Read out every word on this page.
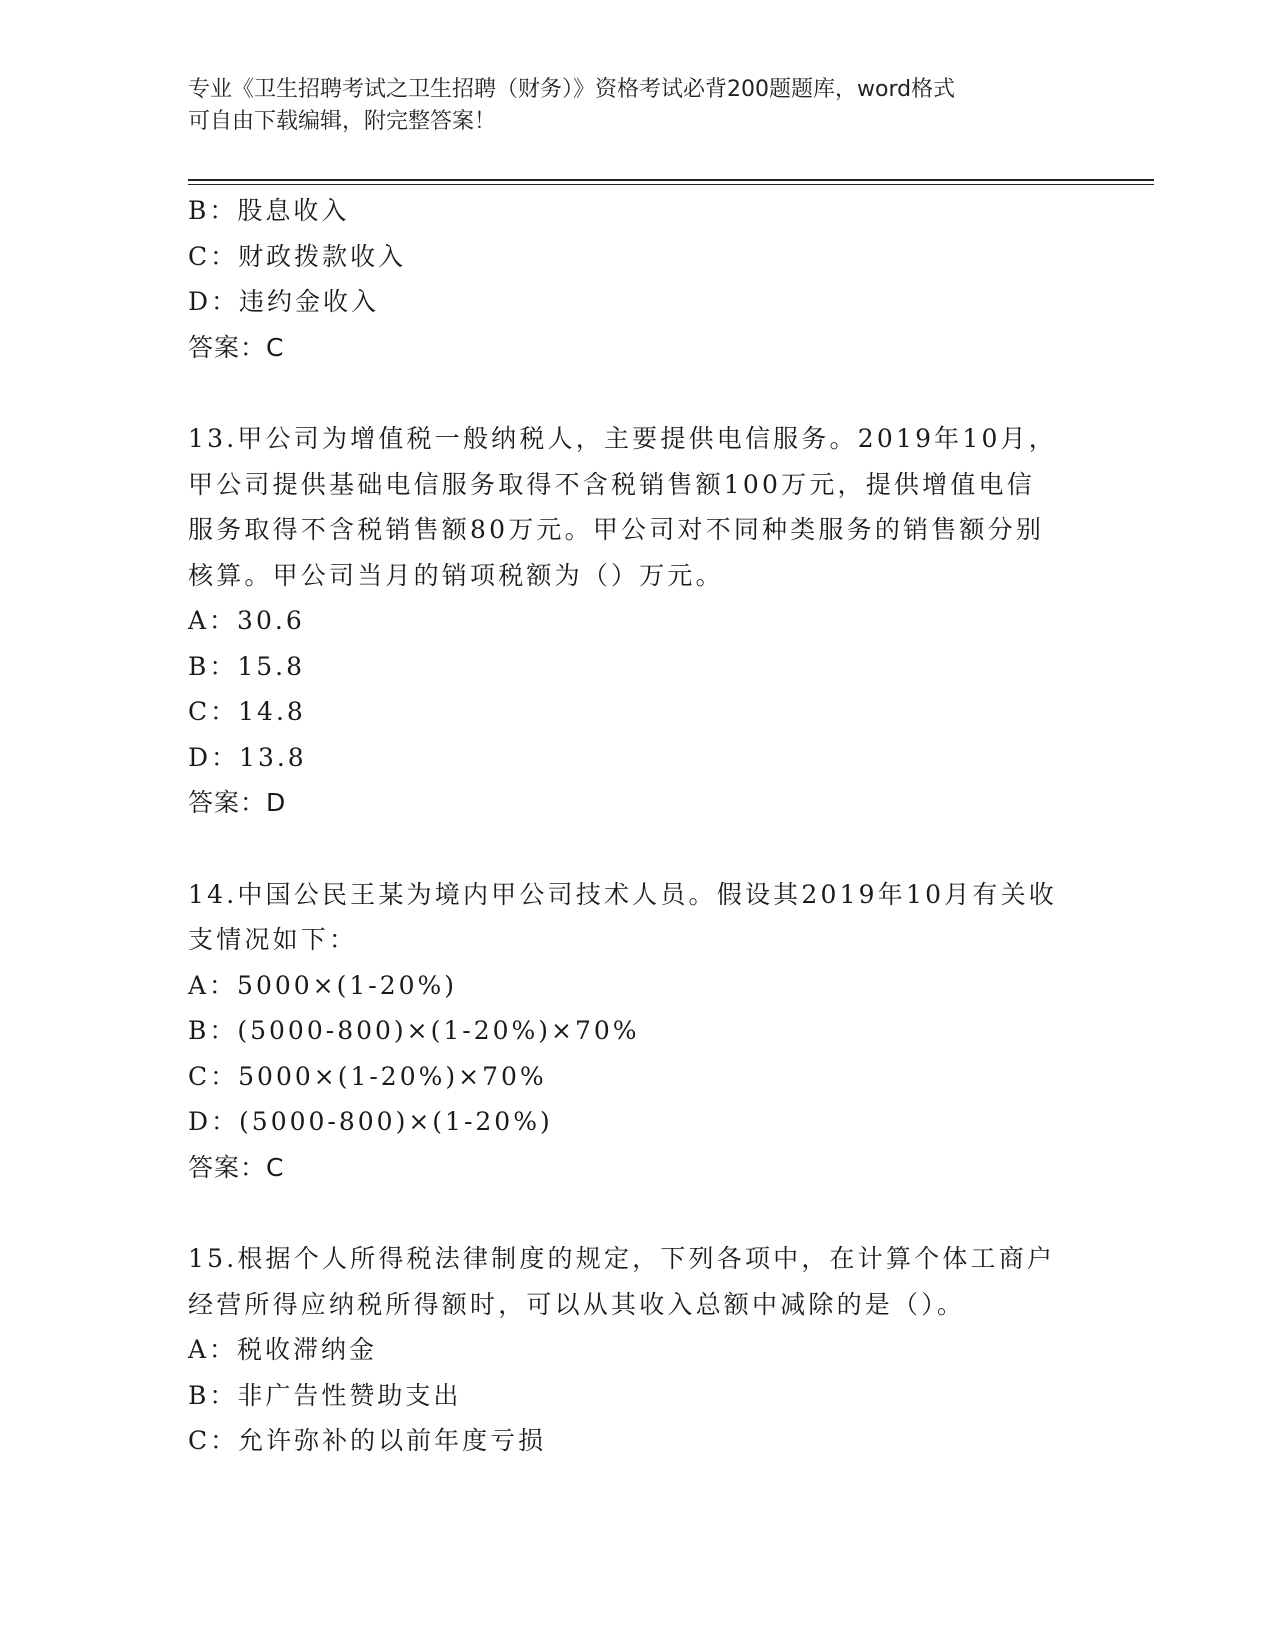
专业《卫生招聘考试之卫生招聘（财务）》资格考试必背200题题库，word格式
可自由下载编辑，附完整答案！
B：股息收入
C：财政拨款收入
D：违约金收入
答案：C
13.甲公司为增值税一般纳税人，主要提供电信服务。2019年10月，
甲公司提供基础电信服务取得不含税销售额100万元，提供增值电信
服务取得不含税销售额80万元。甲公司对不同种类服务的销售额分别
核算。甲公司当月的销项税额为（）万元。
A：30.6
B：15.8
C：14.8
D：13.8
答案：D
14.中国公民王某为境内甲公司技术人员。假设其2019年10月有关收
支情况如下：
A：5000×(1-20%)
B：(5000-800)×(1-20%)×70%
C：5000×(1-20%)×70%
D：(5000-800)×(1-20%)
答案：C
15.根据个人所得税法律制度的规定，下列各项中，在计算个体工商户
经营所得应纳税所得额时，可以从其收入总额中减除的是（）。
A：税收滞纳金
B：非广告性赞助支出
C：允许弥补的以前年度亏损
